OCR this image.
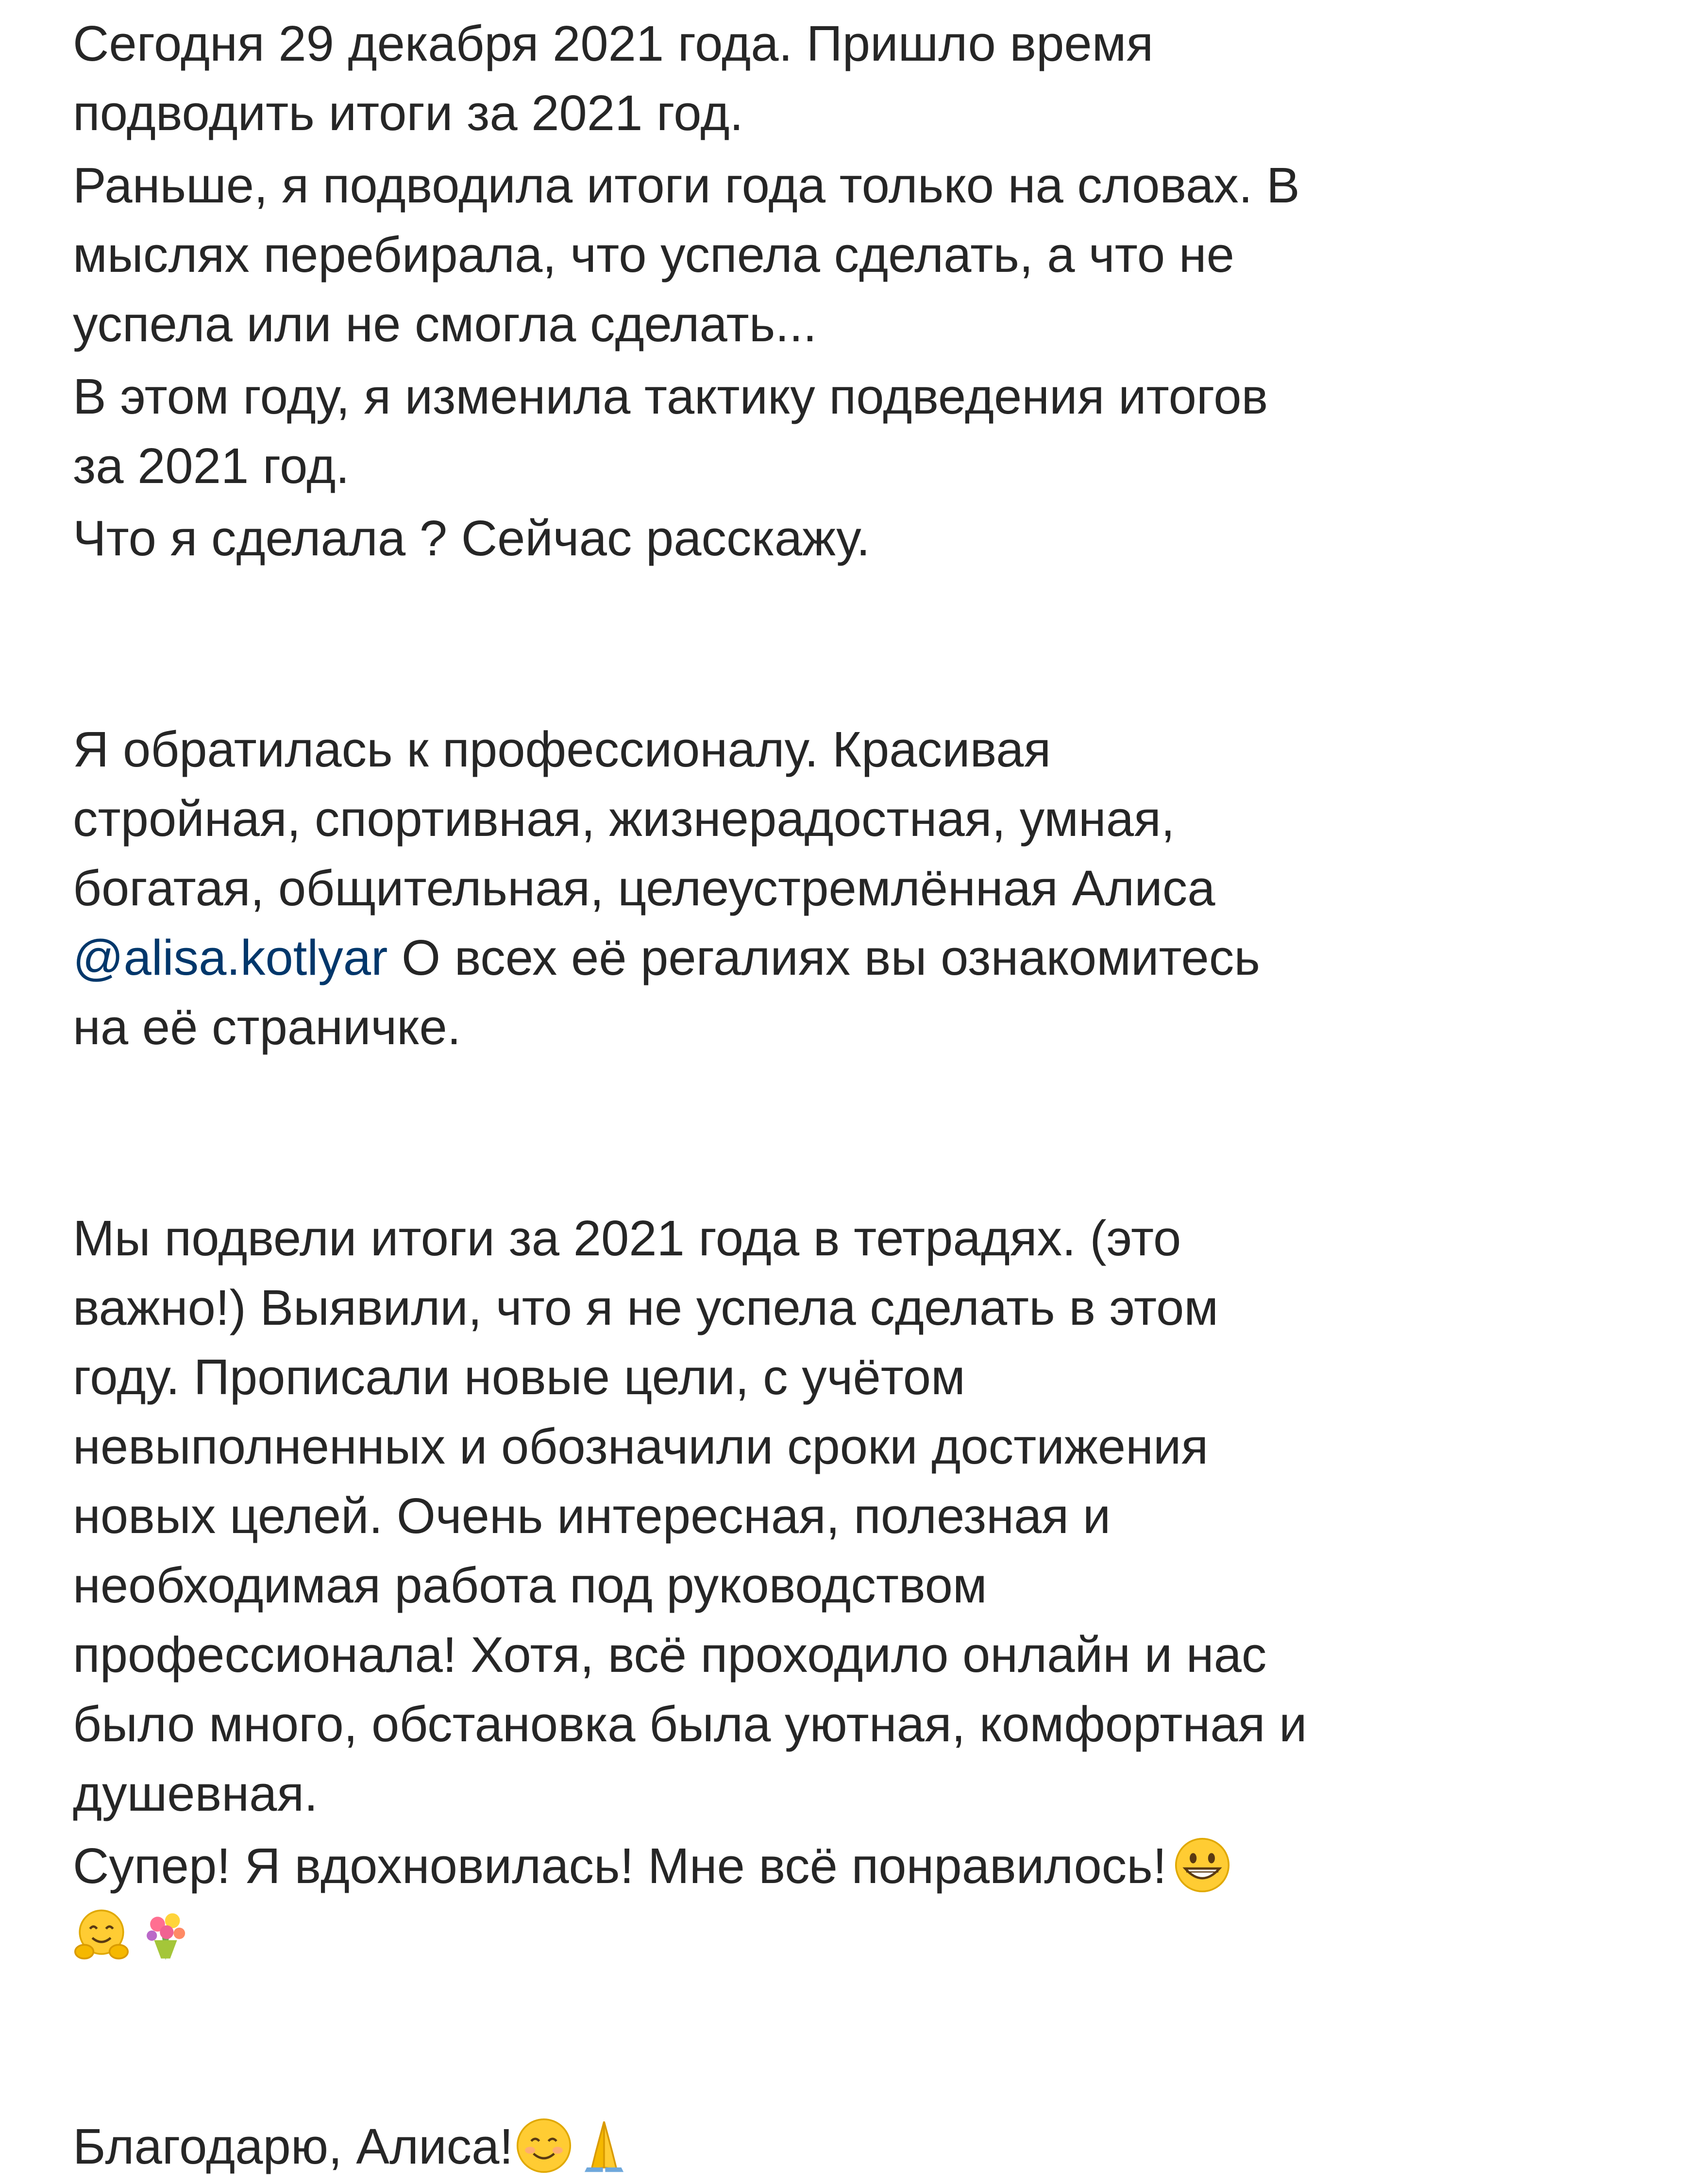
Сегодня 29 декабря 2021 года. Пришло время
подводить итоги за 2021 год.
Раньше, я подводила итоги года только на словах. В
мыслях перебирала, что успела сделать, а что не
успела или не смогла сделать...
В этом году, я изменила тактику подведения итогов
за 2021 год.
Что я сделала ? Сейчас расскажу.
Я обратилась к профессионалу. Красивая
стройная, спортивная, жизнерадостная, умная,
богатая, общительная, целеустремлённая Алиса
@alisa.kotlyar О всех её регалиях вы ознакомитесь
на её страничке.
Мы подвели итоги за 2021 года в тетрадях. (это
важно!) Выявили, что я не успела сделать в этом
году. Прописали новые цели, с учётом
невыполненных и обозначили сроки достижения
новых целей. Очень интересная, полезная и
необходимая работа под руководством
профессионала! Хотя, всё проходило онлайн и нас
было много, обстановка была уютная, комфортная и
душевная.
Супер! Я вдохновилась! Мне всё понравилось!
Благодарю, Алиса!
